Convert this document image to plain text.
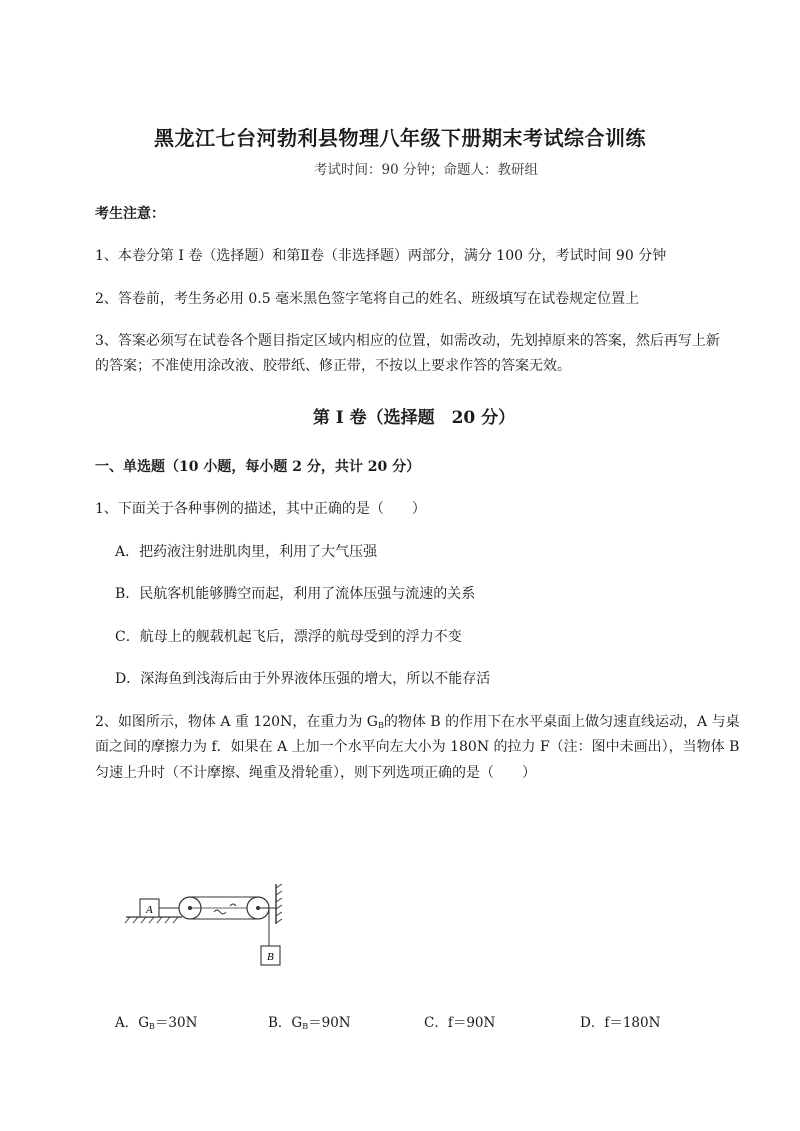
黑龙江七台河勃利县物理八年级下册期末考试综合训练
考试时间：90 分钟；命题人：教研组
考生注意：
1、本卷分第 I 卷（选择题）和第Ⅱ卷（非选择题）两部分，满分 100 分，考试时间 90 分钟
2、答卷前，考生务必用 0.5 毫米黑色签字笔将自己的姓名、班级填写在试卷规定位置上
3、答案必须写在试卷各个题目指定区域内相应的位置，如需改动，先划掉原来的答案，然后再写上新
的答案；不准使用涂改液、胶带纸、修正带，不按以上要求作答的答案无效。
第 I 卷（选择题　20 分）
一、单选题（10 小题，每小题 2 分，共计 20 分）
1、下面关于各种事例的描述，其中正确的是（　　）
A．把药液注射进肌肉里，利用了大气压强
B．民航客机能够腾空而起，利用了流体压强与流速的关系
C．航母上的舰载机起飞后，漂浮的航母受到的浮力不变
D．深海鱼到浅海后由于外界液体压强的增大，所以不能存活
2、如图所示，物体 A 重 120N，在重力为 $G_B$的物体 B 的作用下在水平桌面上做匀速直线运动，A 与桌
面之间的摩擦力为 f．如果在 A 上加一个水平向左大小为 180N 的拉力 F（注：图中未画出），当物体 B
匀速上升时（不计摩擦、绳重及滑轮重），则下列选项正确的是（　　）
A
B
A．$G_B=30N$	B．$G_B=90N$	C．f＝90N	D．f＝180N
